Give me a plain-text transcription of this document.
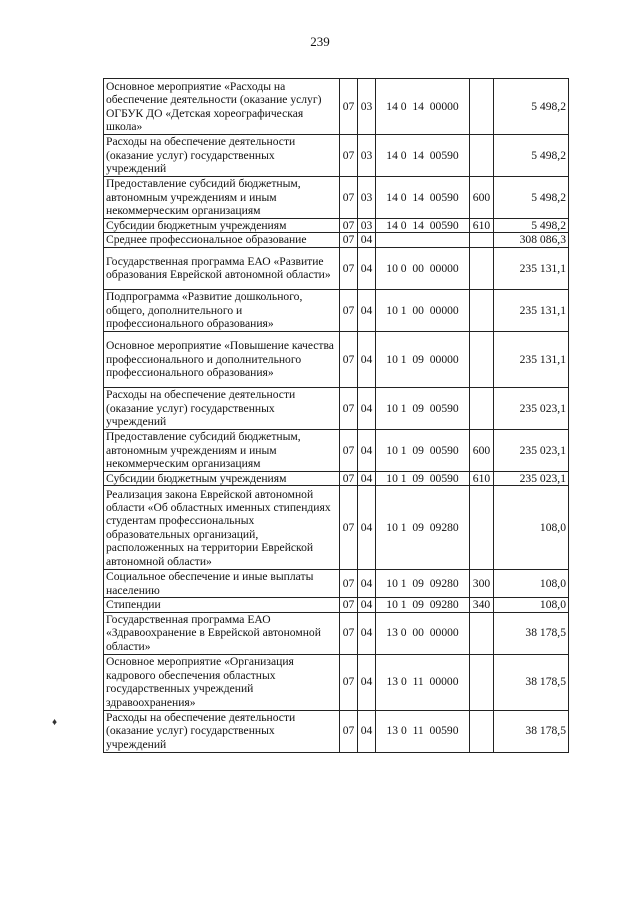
239
Основное мероприятие «Расходы на обеспечение деятельности (оказание услуг) ОГБУК ДО «Детская хореографическая школа»	07	03	14 0  14  00000		5 498,2
Расходы на обеспечение деятельности (оказание услуг) государственных учреждений	07	03	14 0  14  00590		5 498,2
Предоставление субсидий бюджетным, автономным учреждениям и иным некоммерческим организациям	07	03	14 0  14  00590	600	5 498,2
Субсидии бюджетным учреждениям	07	03	14 0  14  00590	610	5 498,2
Среднее профессиональное образование	07	04			308 086,3
Государственная программа ЕАО «Развитие образования Еврейской автономной области»	07	04	10 0  00  00000		235 131,1
Подпрограмма «Развитие дошкольного, общего, дополнительного и профессионального образования»	07	04	10 1  00  00000		235 131,1
Основное мероприятие «Повышение качества профессионального и дополнительного профессионального образования»	07	04	10 1  09  00000		235 131,1
Расходы на обеспечение деятельности (оказание услуг) государственных учреждений	07	04	10 1  09  00590		235 023,1
Предоставление субсидий бюджетным, автономным учреждениям и иным некоммерческим организациям	07	04	10 1  09  00590	600	235 023,1
Субсидии бюджетным учреждениям	07	04	10 1  09  00590	610	235 023,1
Реализация закона Еврейской автономной области «Об областных именных стипендиях студентам профессиональных образовательных организаций, расположенных на территории Еврейской автономной области»	07	04	10 1  09  09280		108,0
Социальное обеспечение и иные выплаты населению	07	04	10 1  09  09280	300	108,0
Стипендии	07	04	10 1  09  09280	340	108,0
Государственная программа ЕАО «Здравоохранение в Еврейской автономной области»	07	04	13 0  00  00000		38 178,5
Основное мероприятие «Организация кадрового обеспечения областных государственных учреждений здравоохранения»	07	04	13 0  11  00000		38 178,5
Расходы на обеспечение деятельности (оказание услуг) государственных учреждений	07	04	13 0  11  00590		38 178,5
♦
